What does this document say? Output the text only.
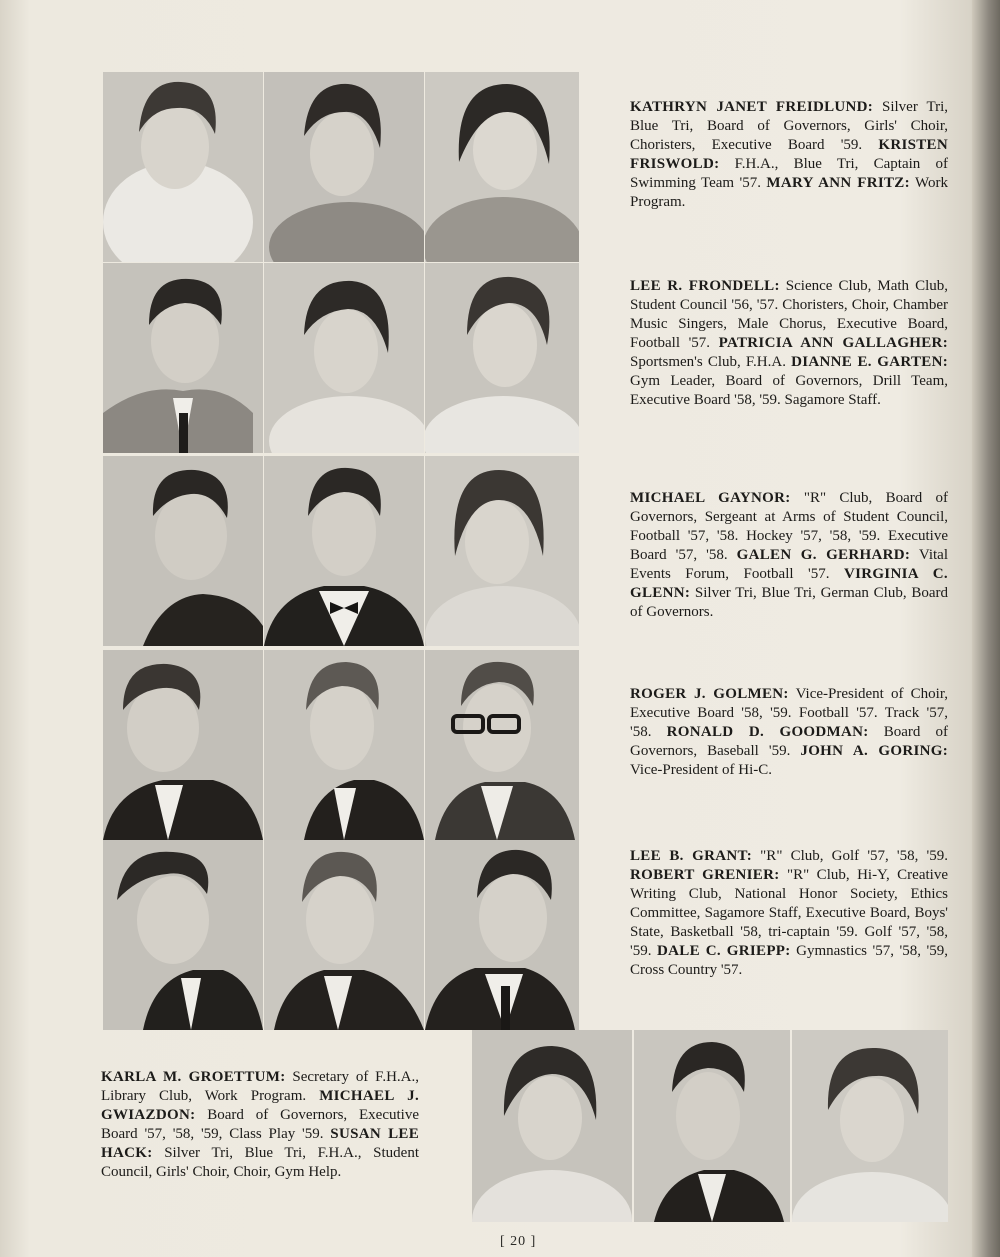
KATHRYN JANET FREIDLUND: Silver Tri, Blue Tri, Board of Governors, Girls' Choir, Choristers, Executive Board '59. KRISTEN FRISWOLD: F.H.A., Blue Tri, Captain of Swimming Team '57. MARY ANN FRITZ: Work Program.
LEE R. FRONDELL: Science Club, Math Club, Student Council '56, '57. Choristers, Choir, Chamber Music Singers, Male Chorus, Executive Board, Football '57. PATRICIA ANN GALLAGHER: Sportsmen's Club, F.H.A. DIANNE E. GARTEN: Gym Leader, Board of Governors, Drill Team, Executive Board '58, '59. Sagamore Staff.
MICHAEL GAYNOR: "R" Club, Board of Governors, Sergeant at Arms of Student Council, Football '57, '58. Hockey '57, '58, '59. Executive Board '57, '58. GALEN G. GERHARD: Vital Events Forum, Football '57. VIRGINIA C. GLENN: Silver Tri, Blue Tri, German Club, Board of Governors.
ROGER J. GOLMEN: Vice-President of Choir, Executive Board '58, '59. Football '57. Track '57, '58. RONALD D. GOODMAN: Board of Governors, Baseball '59. JOHN A. GORING: Vice-President of Hi-C.
LEE B. GRANT: "R" Club, Golf '57, '58, '59. ROBERT GRENIER: "R" Club, Hi-Y, Creative Writing Club, National Honor Society, Ethics Committee, Sagamore Staff, Executive Board, Boys' State, Basketball '58, tri-captain '59. Golf '57, '58, '59. DALE C. GRIEPP: Gymnastics '57, '58, '59, Cross Country '57.
KARLA M. GROETTUM: Secretary of F.H.A., Library Club, Work Program. MICHAEL J. GWIAZDON: Board of Governors, Executive Board '57, '58, '59, Class Play '59. SUSAN LEE HACK: Silver Tri, Blue Tri, F.H.A., Student Council, Girls' Choir, Choir, Gym Help.
[ 20 ]
